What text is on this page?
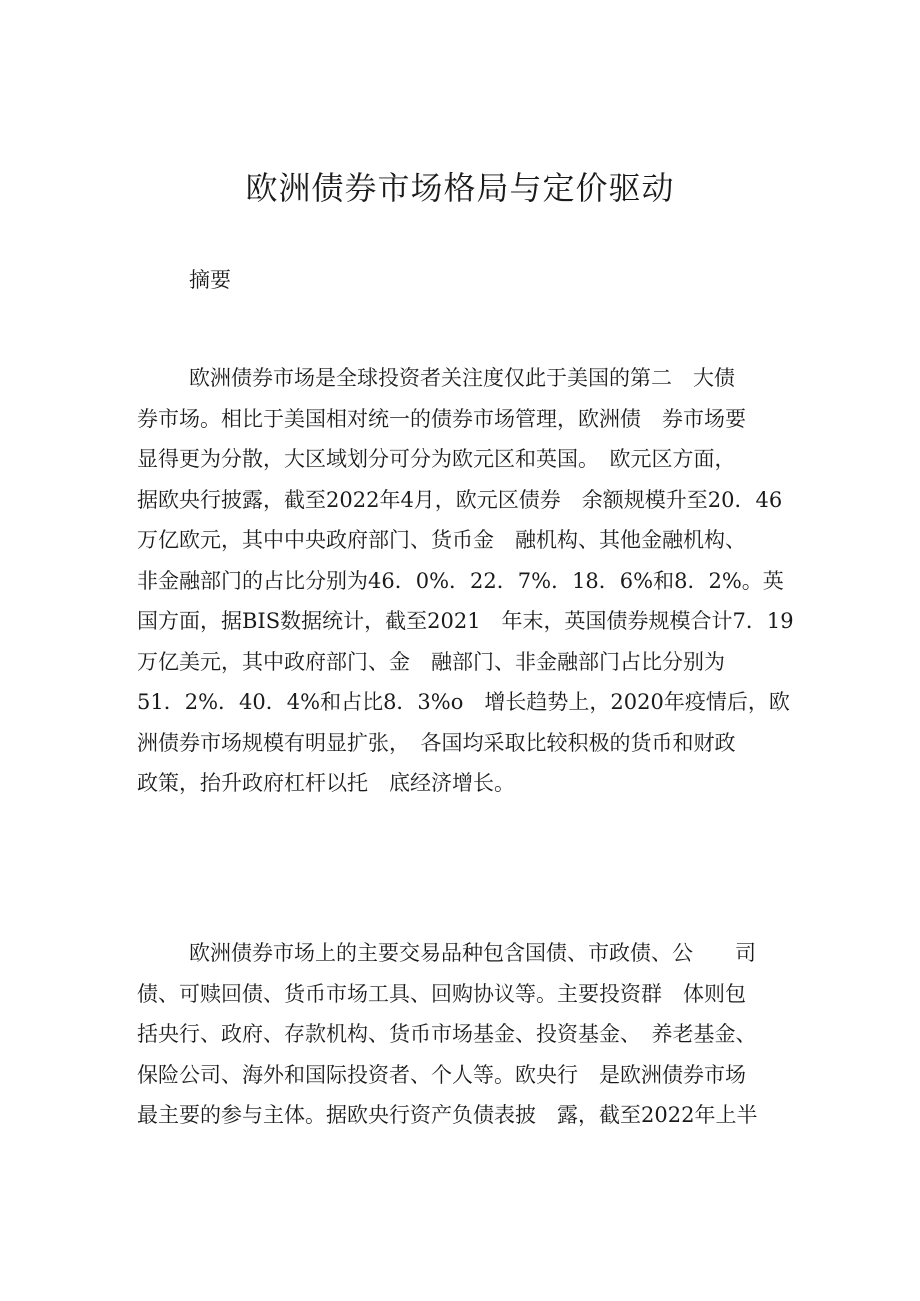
欧洲债券市场格局与定价驱动
摘要
欧洲债券市场是全球投资者关注度仅此于美国的第二　大债
券市场。相比于美国相对统一的债券市场管理，欧洲债　券市场要
显得更为分散，大区域划分可分为欧元区和英国。　欧元区方面，
据欧央行披露，截至2022年4月，欧元区债券　余额规模升至20．46
万亿欧元，其中中央政府部门、货币金　融机构、其他金融机构、
非金融部门的占比分别为46．0%．22．7%．18．6%和8．2%。英
国方面，据BIS数据统计，截至2021　年末，英国债券规模合计7．19
万亿美元，其中政府部门、金　融部门、非金融部门占比分别为
51．2%．40．4%和占比8．3%o　增长趋势上，2020年疫情后，欧
洲债券市场规模有明显扩张，　各国均采取比较积极的货币和财政
政策，抬升政府杠杆以托　底经济增长。
欧洲债券市场上的主要交易品种包含国债、市政债、公　　司
债、可赎回债、货币市场工具、回购协议等。主要投资群　体则包
括央行、政府、存款机构、货币市场基金、投资基金、　养老基金、
保险公司、海外和国际投资者、个人等。欧央行　是欧洲债券市场
最主要的参与主体。据欧央行资产负债表披　露，截至2022年上半
